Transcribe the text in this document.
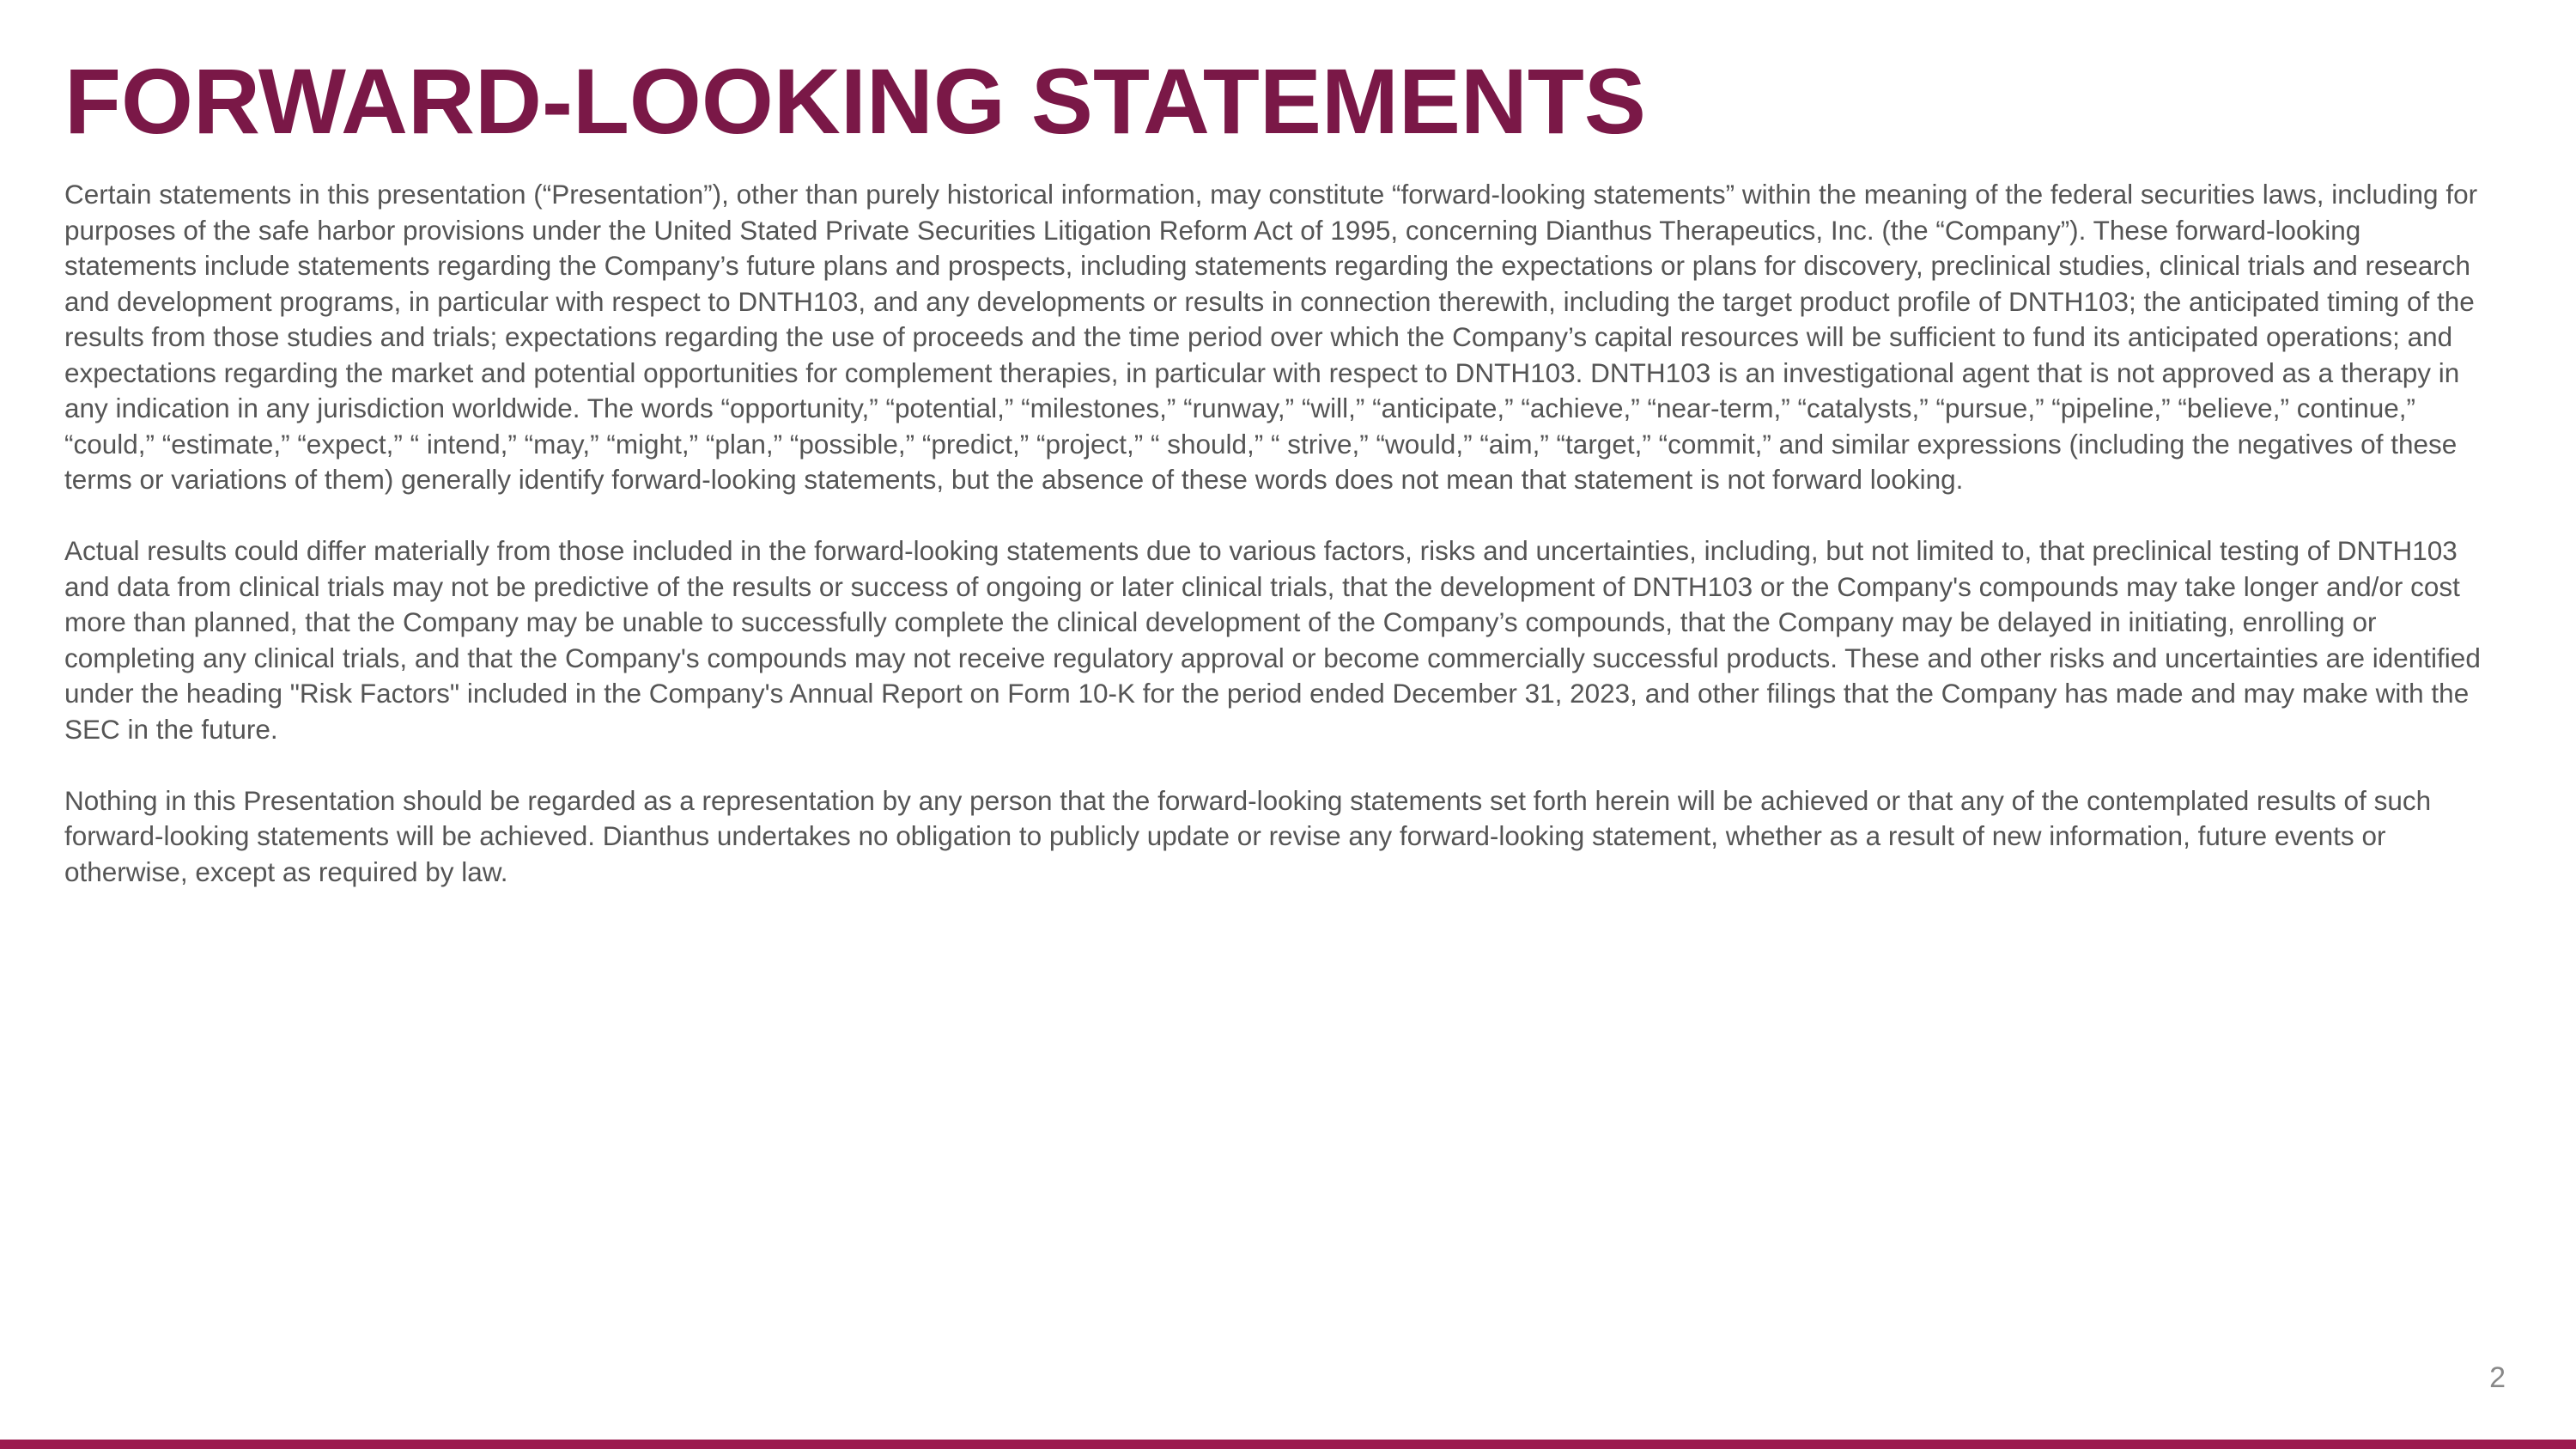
FORWARD-LOOKING STATEMENTS

Certain statements in this presentation (“Presentation”), other than purely historical information, may constitute “forward-looking statements” within the meaning of the federal securities laws, including for purposes of the safe harbor provisions under the United Stated Private Securities Litigation Reform Act of 1995, concerning Dianthus Therapeutics, Inc. (the “Company”). These forward-looking statements include statements regarding the Company’s future plans and prospects, including statements regarding the expectations or plans for discovery, preclinical studies, clinical trials and research and development programs, in particular with respect to DNTH103, and any developments or results in connection therewith, including the target product profile of DNTH103; the anticipated timing of the results from those studies and trials; expectations regarding the use of proceeds and the time period over which the Company’s capital resources will be sufficient to fund its anticipated operations; and expectations regarding the market and potential opportunities for complement therapies, in particular with respect to DNTH103. DNTH103 is an investigational agent that is not approved as a therapy in any indication in any jurisdiction worldwide. The words “opportunity,” “potential,” “milestones,” “runway,” “will,” “anticipate,” “achieve,” “near-term,” “catalysts,” “pursue,” “pipeline,” “believe,” continue,” “could,” “estimate,” “expect,” “ intend,” “may,” “might,” “plan,” “possible,” “predict,” “project,” “ should,” “ strive,” “would,” “aim,” “target,” “commit,” and similar expressions (including the negatives of these terms or variations of them) generally identify forward-looking statements, but the absence of these words does not mean that statement is not forward looking.

Actual results could differ materially from those included in the forward-looking statements due to various factors, risks and uncertainties, including, but not limited to, that preclinical testing of DNTH103 and data from clinical trials may not be predictive of the results or success of ongoing or later clinical trials, that the development of DNTH103 or the Company's compounds may take longer and/or cost more than planned, that the Company may be unable to successfully complete the clinical development of the Company’s compounds, that the Company may be delayed in initiating, enrolling or completing any clinical trials, and that the Company's compounds may not receive regulatory approval or become commercially successful products. These and other risks and uncertainties are identified under the heading "Risk Factors" included in the Company's Annual Report on Form 10-K for the period ended December 31, 2023, and other filings that the Company has made and may make with the SEC in the future.

Nothing in this Presentation should be regarded as a representation by any person that the forward-looking statements set forth herein will be achieved or that any of the contemplated results of such forward-looking statements will be achieved. Dianthus undertakes no obligation to publicly update or revise any forward-looking statement, whether as a result of new information, future events or otherwise, except as required by law.

2
